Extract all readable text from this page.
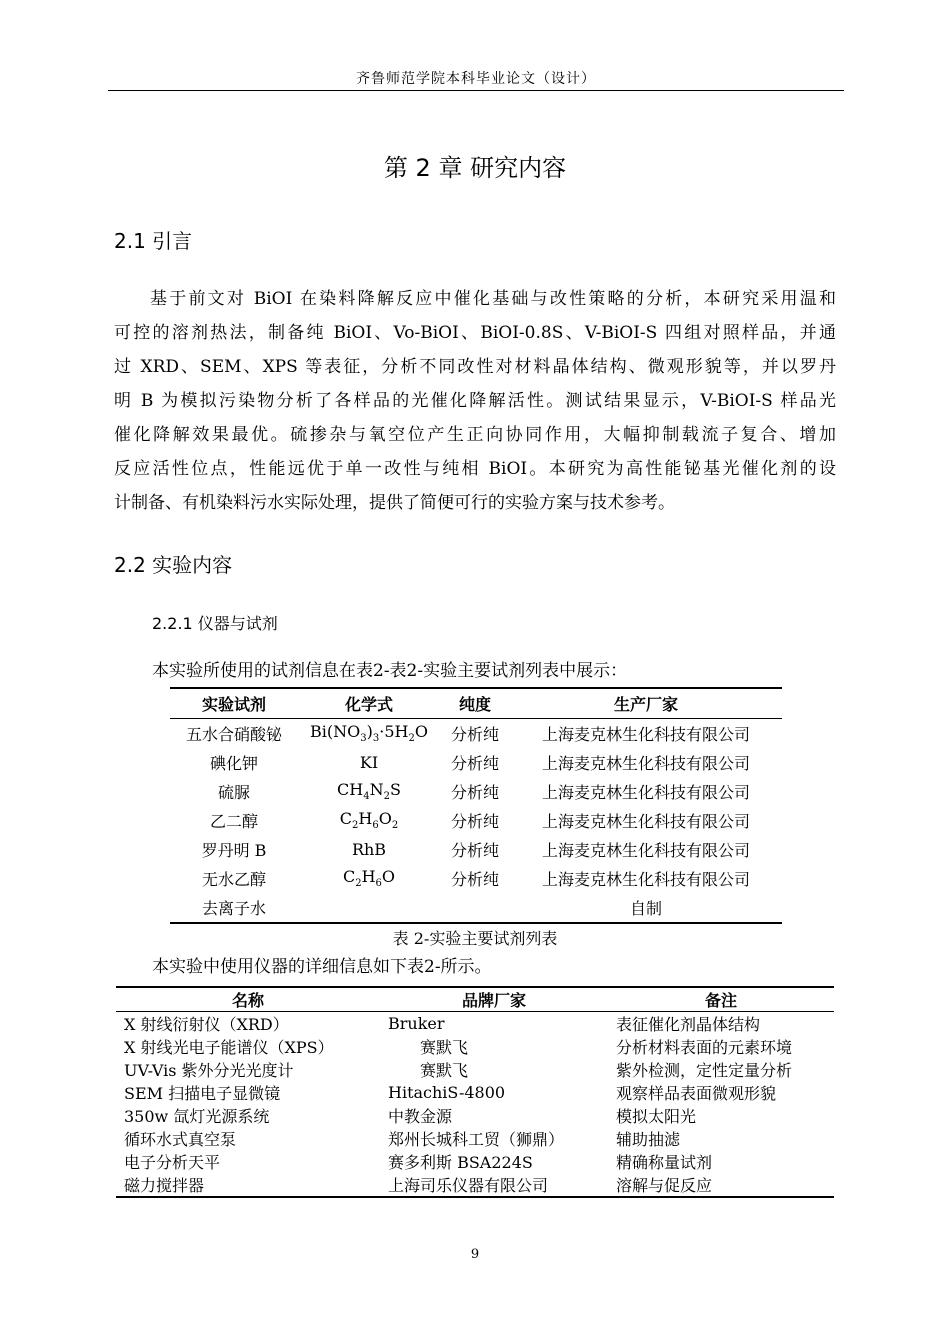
齐鲁师范学院本科毕业论文（设计）
第 2 章 研究内容
2.1 引言
基于前文对 BiOI 在染料降解反应中催化基础与改性策略的分析，本研究采用温和
可控的溶剂热法，制备纯 BiOI、Vo-BiOI、BiOI-0.8S、V-BiOI-S 四组对照样品，并通
过 XRD、SEM、XPS 等表征，分析不同改性对材料晶体结构、微观形貌等，并以罗丹
明 B 为模拟污染物分析了各样品的光催化降解活性。测试结果显示，V-BiOI-S 样品光
催化降解效果最优。硫掺杂与氧空位产生正向协同作用，大幅抑制载流子复合、增加
反应活性位点，性能远优于单一改性与纯相 BiOI。本研究为高性能铋基光催化剂的设
计制备、有机染料污水实际处理，提供了简便可行的实验方案与技术参考。
2.2 实验内容
2.2.1 仪器与试剂
本实验所使用的试剂信息在表2-表2-实验主要试剂列表中展示：
实验试剂	化学式	纯度	生产厂家
五水合硝酸铋	$Bi(NO_3)_3\cdot 5H_2O$	分析纯	上海麦克林生化科技有限公司
碘化钾	KI	分析纯	上海麦克林生化科技有限公司
硫脲	$CH_4N_2S$	分析纯	上海麦克林生化科技有限公司
乙二醇	$C_2H_6O_2$	分析纯	上海麦克林生化科技有限公司
罗丹明 B	RhB	分析纯	上海麦克林生化科技有限公司
无水乙醇	$C_2H_6O$	分析纯	上海麦克林生化科技有限公司
去离子水			自制
表 2-实验主要试剂列表
本实验中使用仪器的详细信息如下表2-所示。
名称	品牌厂家	备注
X 射线衍射仪（XRD）	Bruker	表征催化剂晶体结构
X 射线光电子能谱仪（XPS）	赛默飞	分析材料表面的元素环境
UV-Vis 紫外分光光度计	赛默飞	紫外检测，定性定量分析
SEM 扫描电子显微镜	HitachiS-4800	观察样品表面微观形貌
350w 氙灯光源系统	中教金源	模拟太阳光
循环水式真空泵	郑州长城科工贸（狮鼎）	辅助抽滤
电子分析天平	赛多利斯 BSA224S	精确称量试剂
磁力搅拌器	上海司乐仪器有限公司	溶解与促反应
9
